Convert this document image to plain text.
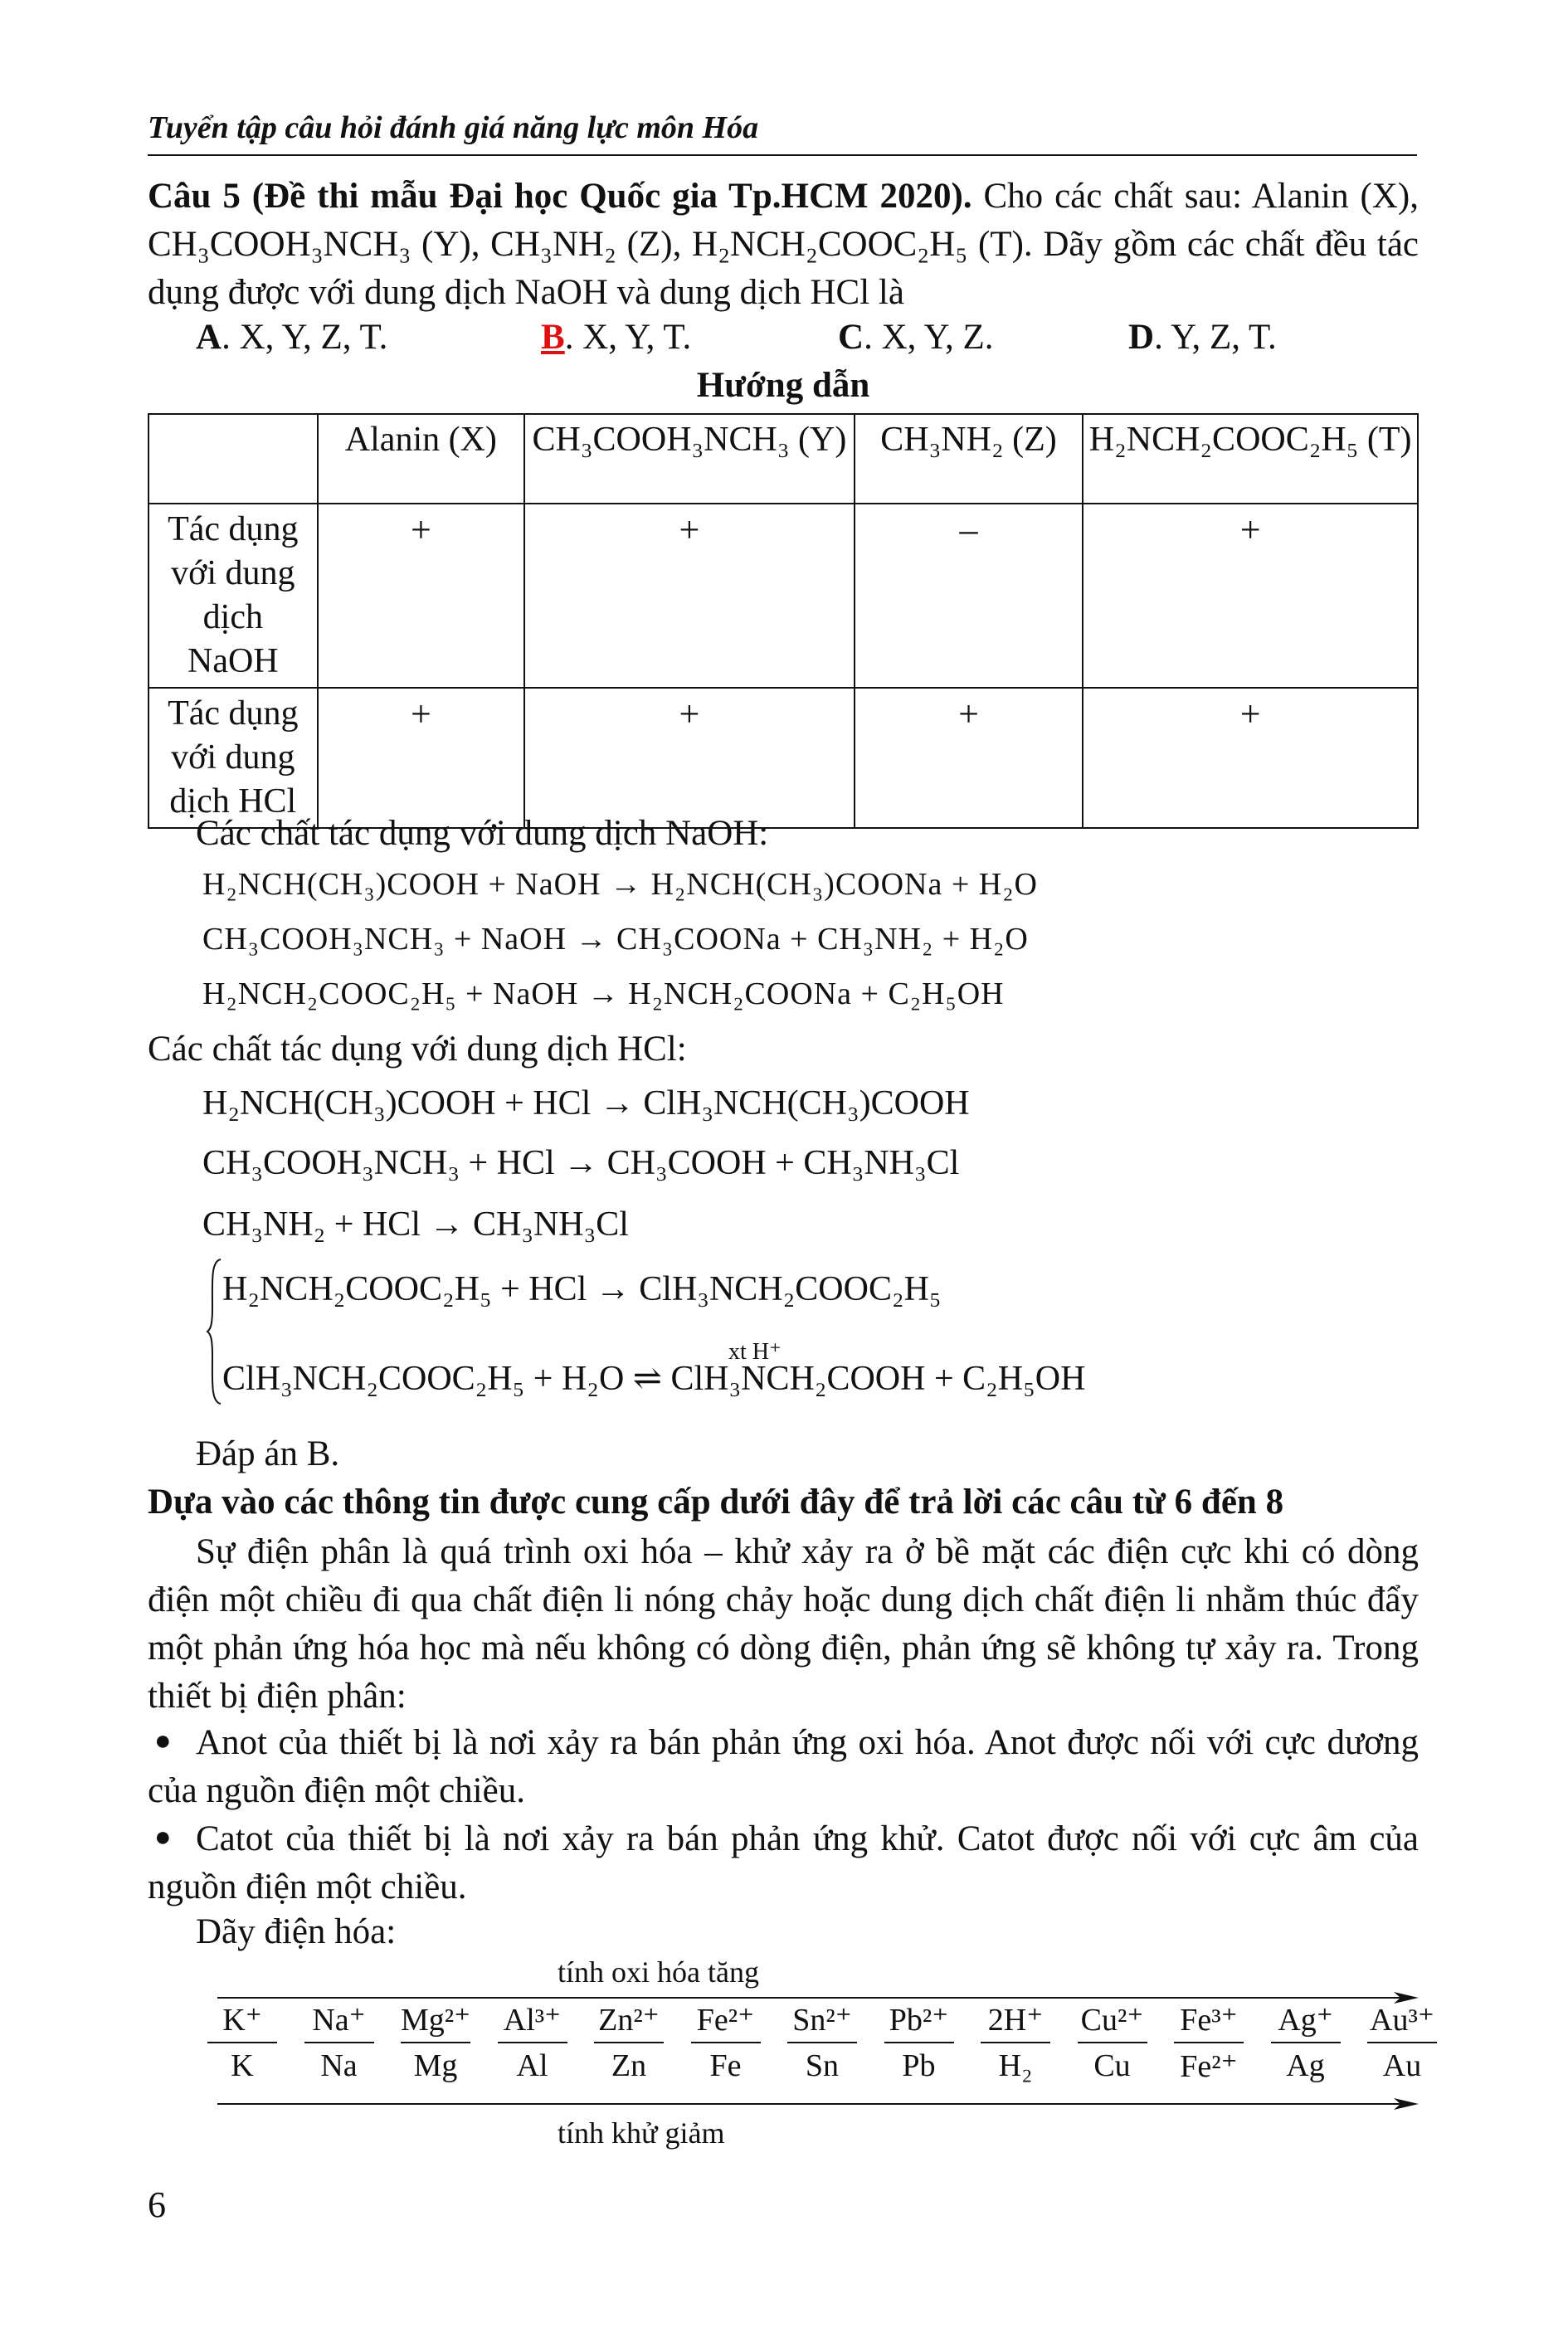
Tuyển tập câu hỏi đánh giá năng lực môn Hóa
Câu 5 (Đề thi mẫu Đại học Quốc gia Tp.HCM 2020). Cho các chất sau: Alanin (X), CH₃COOH₃NCH₃ (Y), CH₃NH₂ (Z), H₂NCH₂COOC₂H₅ (T). Dãy gồm các chất đều tác dụng được với dung dịch NaOH và dung dịch HCl là
A. X, Y, Z, T.	B. X, Y, T.	C. X, Y, Z.	D. Y, Z, T.
Hướng dẫn
	Alanin (X)	CH₃COOH₃NCH₃ (Y)	CH₃NH₂ (Z)	H₂NCH₂COOC₂H₅ (T)
Tác dụng với dung dịch NaOH	+	+	–	+
Tác dụng với dung dịch HCl	+	+	+	+
Các chất tác dụng với dung dịch NaOH:
H₂NCH(CH₃)COOH + NaOH → H₂NCH(CH₃)COONa + H₂O
CH₃COOH₃NCH₃ + NaOH → CH₃COONa + CH₃NH₂ + H₂O
H₂NCH₂COOC₂H₅ + NaOH → H₂NCH₂COONa + C₂H₅OH
Các chất tác dụng với dung dịch HCl:
H₂NCH(CH₃)COOH + HCl → ClH₃NCH(CH₃)COOH
CH₃COOH₃NCH₃ + HCl → CH₃COOH + CH₃NH₃Cl
CH₃NH₂ + HCl → CH₃NH₃Cl
H₂NCH₂COOC₂H₅ + HCl → ClH₃NCH₂COOC₂H₅
ClH₃NCH₂COOC₂H₅ + H₂O ⇌ ClH₃NCH₂COOH + C₂H₅OH
xt H⁺
Đáp án B.
Dựa vào các thông tin được cung cấp dưới đây để trả lời các câu từ 6 đến 8
Sự điện phân là quá trình oxi hóa – khử xảy ra ở bề mặt các điện cực khi có dòng điện một chiều đi qua chất điện li nóng chảy hoặc dung dịch chất điện li nhằm thúc đẩy một phản ứng hóa học mà nếu không có dòng điện, phản ứng sẽ không tự xảy ra. Trong thiết bị điện phân:
● Anot của thiết bị là nơi xảy ra bán phản ứng oxi hóa. Anot được nối với cực dương của nguồn điện một chiều.
● Catot của thiết bị là nơi xảy ra bán phản ứng khử. Catot được nối với cực âm của nguồn điện một chiều.
Dãy điện hóa:
tính oxi hóa tăng
K⁺
K
Na⁺
Na
Mg²⁺
Mg
Al³⁺
Al
Zn²⁺
Zn
Fe²⁺
Fe
Sn²⁺
Sn
Pb²⁺
Pb
2H⁺
H₂
Cu²⁺
Cu
Fe³⁺
Fe²⁺
Ag⁺
Ag
Au³⁺
Au
tính khử giảm
6
